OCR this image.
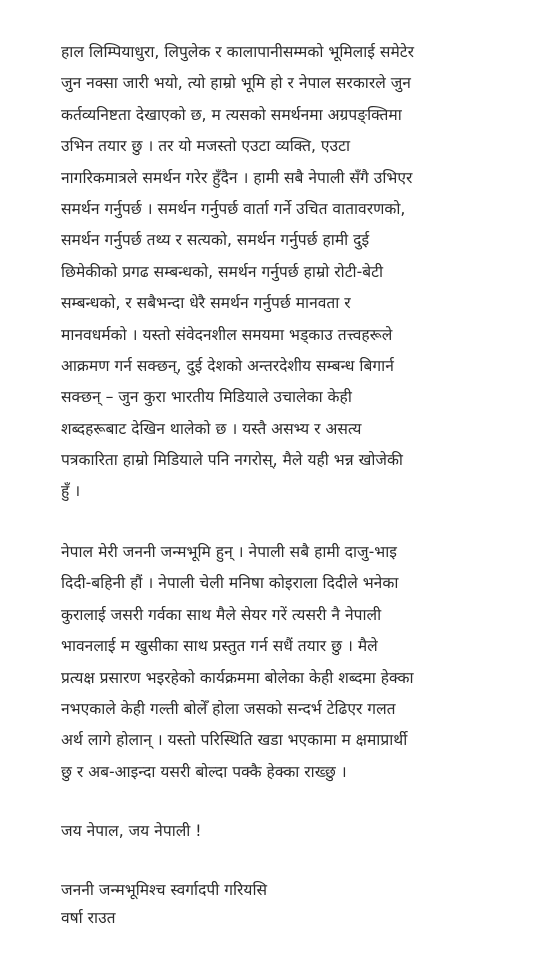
हाल लिम्पियाधुरा, लिपुलेक र कालापानीसम्मको भूमिलाई समेटेर
जुन नक्सा जारी भयो, त्यो हाम्रो भूमि हो र नेपाल सरकारले जुन
कर्तव्यनिष्टता देखाएको छ, म त्यसको समर्थनमा अग्रपङ्क्तिमा
उभिन तयार छु । तर यो मजस्तो एउटा व्यक्ति, एउटा
नागरिकमात्रले समर्थन गरेर हुँदैन । हामी सबै नेपाली सँगै उभिएर
समर्थन गर्नुपर्छ । समर्थन गर्नुपर्छ वार्ता गर्ने उचित वातावरणको,
समर्थन गर्नुपर्छ तथ्य र सत्यको, समर्थन गर्नुपर्छ हामी दुई
छिमेकीको प्रगढ सम्बन्धको, समर्थन गर्नुपर्छ हाम्रो रोटी-बेटी
सम्बन्धको, र सबैभन्दा धेरै समर्थन गर्नुपर्छ मानवता र
मानवधर्मको । यस्तो संवेदनशील समयमा भड्काउ तत्त्वहरूले
आक्रमण गर्न सक्छन्, दुई देशको अन्तरदेशीय सम्बन्ध बिगार्न
सक्छन् – जुन कुरा भारतीय मिडियाले उचालेका केही
शब्दहरूबाट देखिन थालेको छ । यस्तै असभ्य र असत्य
पत्रकारिता हाम्रो मिडियाले पनि नगरोस्, मैले यही भन्न खोजेकी
हुँ ।
नेपाल मेरी जननी जन्मभूमि हुन् । नेपाली सबै हामी दाजु-भाइ
दिदी-बहिनी हौं । नेपाली चेली मनिषा कोइराला दिदीले भनेका
कुरालाई जसरी गर्वका साथ मैले सेयर गरें त्यसरी नै नेपाली
भावनलाई म खुसीका साथ प्रस्तुत गर्न सधैं तयार छु । मैले
प्रत्यक्ष प्रसारण भइरहेको कार्यक्रममा बोलेका केही शब्दमा हेक्का
नभएकाले केही गल्ती बोलेँ होला जसको सन्दर्भ टेढिएर गलत
अर्थ लागे होलान् । यस्तो परिस्थिति खडा भएकामा म क्षमाप्रार्थी
छु र अब-आइन्दा यसरी बोल्दा पक्कै हेक्का राख्छु ।
जय नेपाल, जय नेपाली !
जननी जन्मभूमिश्च स्वर्गादपी गरियसि
वर्षा राउत
